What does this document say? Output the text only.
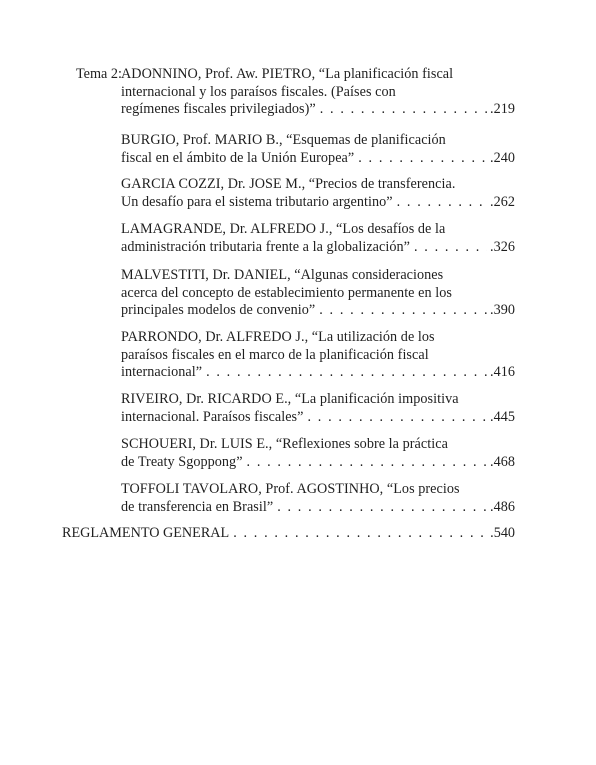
Tema 2: ADONNINO, Prof. Aw. PIETRO, “La planificación fiscal
internacional y los paraísos fiscales. (Países con
regímenes fiscales privilegiados)” . . .	.219
BURGIO, Prof. MARIO B., “Esquemas de planificación
fiscal en el ámbito de la Unión Europea” . . .	.240
GARCIA COZZI, Dr. JOSE M., “Precios de transferencia.
Un desafío para el sistema tributario argentino” . . .	.262
LAMAGRANDE, Dr. ALFREDO J., “Los desafíos de la
administración tributaria frente a la globalización” . . .	.326
MALVESTITI, Dr. DANIEL, “Algunas consideraciones
acerca del concepto de establecimiento permanente en los
principales modelos de convenio” . . .	.390
PARRONDO, Dr. ALFREDO J., “La utilización de los
paraísos fiscales en el marco de la planificación fiscal
internacional” . . .	.416
RIVEIRO, Dr. RICARDO E., “La planificación impositiva
internacional. Paraísos fiscales” . . .	.445
SCHOUERI, Dr. LUIS E., “Reflexiones sobre la práctica
de Treaty Sgoppong” . . .	.468
TOFFOLI TAVOLARO, Prof. AGOSTINHO, “Los precios
de transferencia en Brasil” . . .	.486
REGLAMENTO GENERAL . . .	.540
